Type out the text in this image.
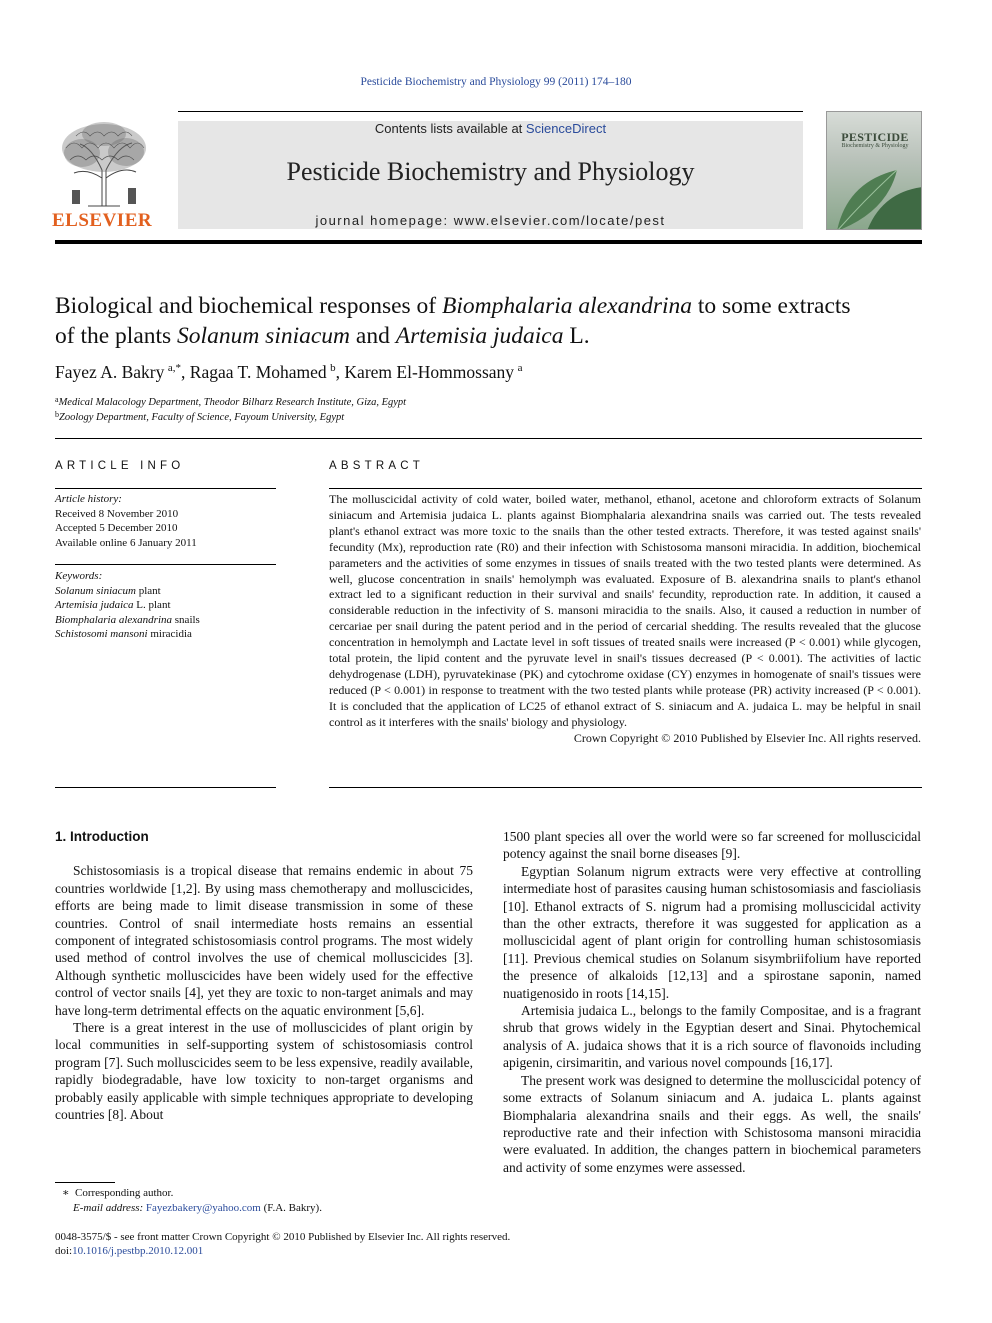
Pesticide Biochemistry and Physiology 99 (2011) 174–180
ELSEVIER
Contents lists available at ScienceDirect
Pesticide Biochemistry and Physiology
journal homepage: www.elsevier.com/locate/pest
PESTICIDE
Biochemistry & Physiology
Biological and biochemical responses of Biomphalaria alexandrina to some extracts
of the plants Solanum siniacum and Artemisia judaica L.
Fayez A. Bakry  $^{a,*}$, Ragaa T. Mohamed  $^b$, Karem El-Hommossany  $^a$
$^a$Medical Malacology Department, Theodor Bilharz Research Institute, Giza, Egypt
$^b$Zoology Department, Faculty of Science, Fayoum University, Egypt
ARTICLE INFO
Article history:
Received 8 November 2010
Accepted 5 December 2010
Available online 6 January 2011
Keywords:
Solanum siniacum plant
Artemisia judaica L. plant
Biomphalaria alexandrina snails
Schistosomi mansoni miracidia
ABSTRACT

The molluscicidal activity of cold water, boiled water, methanol, ethanol, acetone and chloroform extracts of Solanum siniacum and Artemisia judaica L. plants against Biomphalaria alexandrina snails was carried out. The tests revealed plant's ethanol extract was more toxic to the snails than the other tested extracts. Therefore, it was tested against snails' fecundity (Mx), reproduction rate (R0) and their infection with Schistosoma mansoni miracidia. In addition, biochemical parameters and the activities of some enzymes in tissues of snails treated with the two tested plants were determined. As well, glucose concentration in snails' hemolymph was evaluated. Exposure of B. alexandrina snails to plant's ethanol extract led to a significant reduction in their survival and snails' fecundity, reproduction rate. In addition, it caused a considerable reduction in the infectivity of S. mansoni miracidia to the snails. Also, it caused a reduction in number of cercariae per snail during the patent period and in the period of cercarial shedding. The results revealed that the glucose concentration in hemolymph and Lactate level in soft tissues of treated snails were increased (P < 0.001) while glycogen, total protein, the lipid content and the pyruvate level in snail's tissues decreased (P < 0.001). The activities of lactic dehydrogenase (LDH), pyruvatekinase (PK) and cytochrome oxidase (CY) enzymes in homogenate of snail's tissues were reduced (P < 0.001) in response to treatment with the two tested plants while protease (PR) activity increased (P < 0.001). It is concluded that the application of LC25 of ethanol extract of S. siniacum and A. judaica L. may be helpful in snail control as it interferes with the snails' biology and physiology.

Crown Copyright © 2010 Published by Elsevier Inc. All rights reserved.

1. Introduction

Schistosomiasis is a tropical disease that remains endemic in about 75 countries worldwide [1,2]. By using mass chemotherapy and molluscicides, efforts are being made to limit disease transmission in some of these countries. Control of snail intermediate hosts remains an essential component of integrated schistosomiasis control programs. The most widely used method of control involves the use of chemical molluscicides [3]. Although synthetic molluscicides have been widely used for the effective control of vector snails [4], yet they are toxic to non-target animals and may have long-term detrimental effects on the aquatic environment [5,6].

There is a great interest in the use of molluscicides of plant origin by local communities in self-supporting system of schistosomiasis control program [7]. Such molluscicides seem to be less expensive, readily available, rapidly biodegradable, have low toxicity to non-target organisms and probably easily applicable with simple techniques appropriate to developing countries [8]. About

1500 plant species all over the world were so far screened for molluscicidal potency against the snail borne diseases [9].

Egyptian Solanum nigrum extracts were very effective at controlling intermediate host of parasites causing human schistosomiasis and fascioliasis [10]. Ethanol extracts of S. nigrum had a promising molluscicidal activity than the other extracts, therefore it was suggested for application as a molluscicidal agent of plant origin for controlling human schistosomiasis [11]. Previous chemical studies on Solanum sisymbriifolium have reported the presence of alkaloids [12,13] and a spirostane saponin, named nuatigenosido in roots [14,15].

Artemisia judaica L., belongs to the family Compositae, and is a fragrant shrub that grows widely in the Egyptian desert and Sinai. Phytochemical analysis of A. judaica shows that it is a rich source of flavonoids including apigenin, cirsimaritin, and various novel compounds [16,17].

The present work was designed to determine the molluscicidal potency of some extracts of Solanum siniacum and A. judaica L. plants against Biomphalaria alexandrina snails and their eggs. As well, the snails' reproductive rate and their infection with Schistosoma mansoni miracidia were evaluated. In addition, the changes pattern in biochemical parameters and activity of some enzymes were assessed.

∗  Corresponding author.
E-mail address: Fayezbakery@yahoo.com (F.A. Bakry).
0048-3575/$ - see front matter Crown Copyright © 2010 Published by Elsevier Inc. All rights reserved.
doi:10.1016/j.pestbp.2010.12.001
